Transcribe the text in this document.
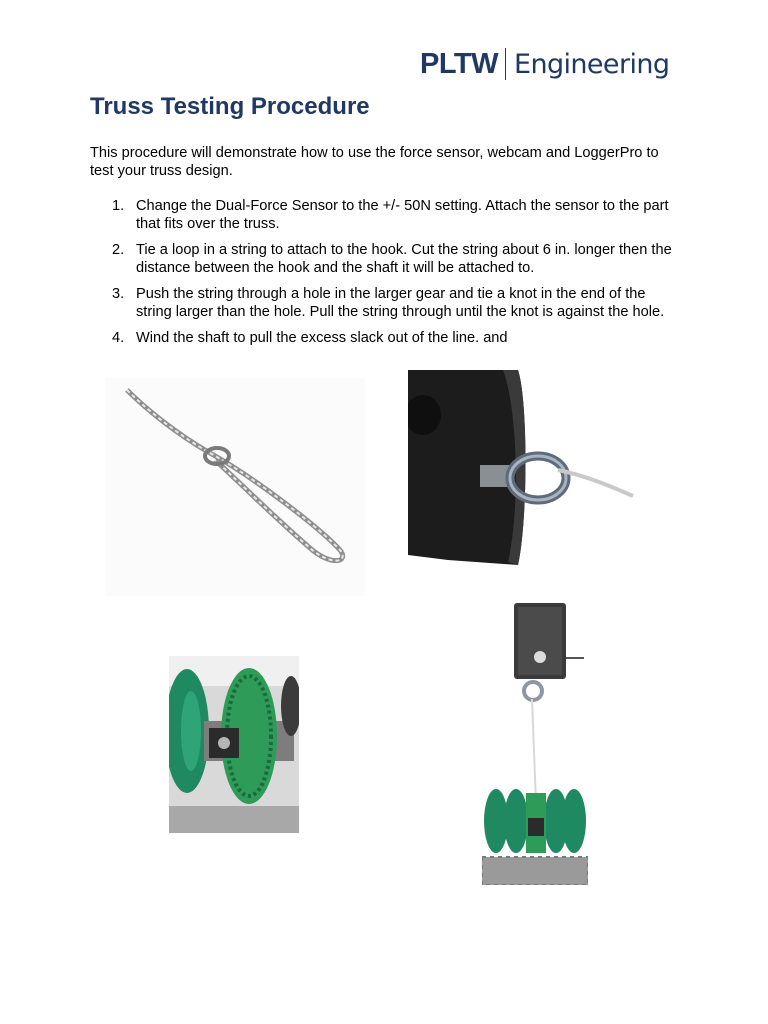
PLTW Engineering
Truss Testing Procedure

This procedure will demonstrate how to use the force sensor, webcam and LoggerPro to test your truss design.

1. Change the Dual-Force Sensor to the +/- 50N setting. Attach the sensor to the part that fits over the truss.
2. Tie a loop in a string to attach to the hook. Cut the string about 6 in. longer then the distance between the hook and the shaft it will be attached to.
3. Push the string through a hole in the larger gear and tie a knot in the end of the string larger than the hole. Pull the string through until the knot is against the hole.
4. Wind the shaft to pull the excess slack out of the line. and
